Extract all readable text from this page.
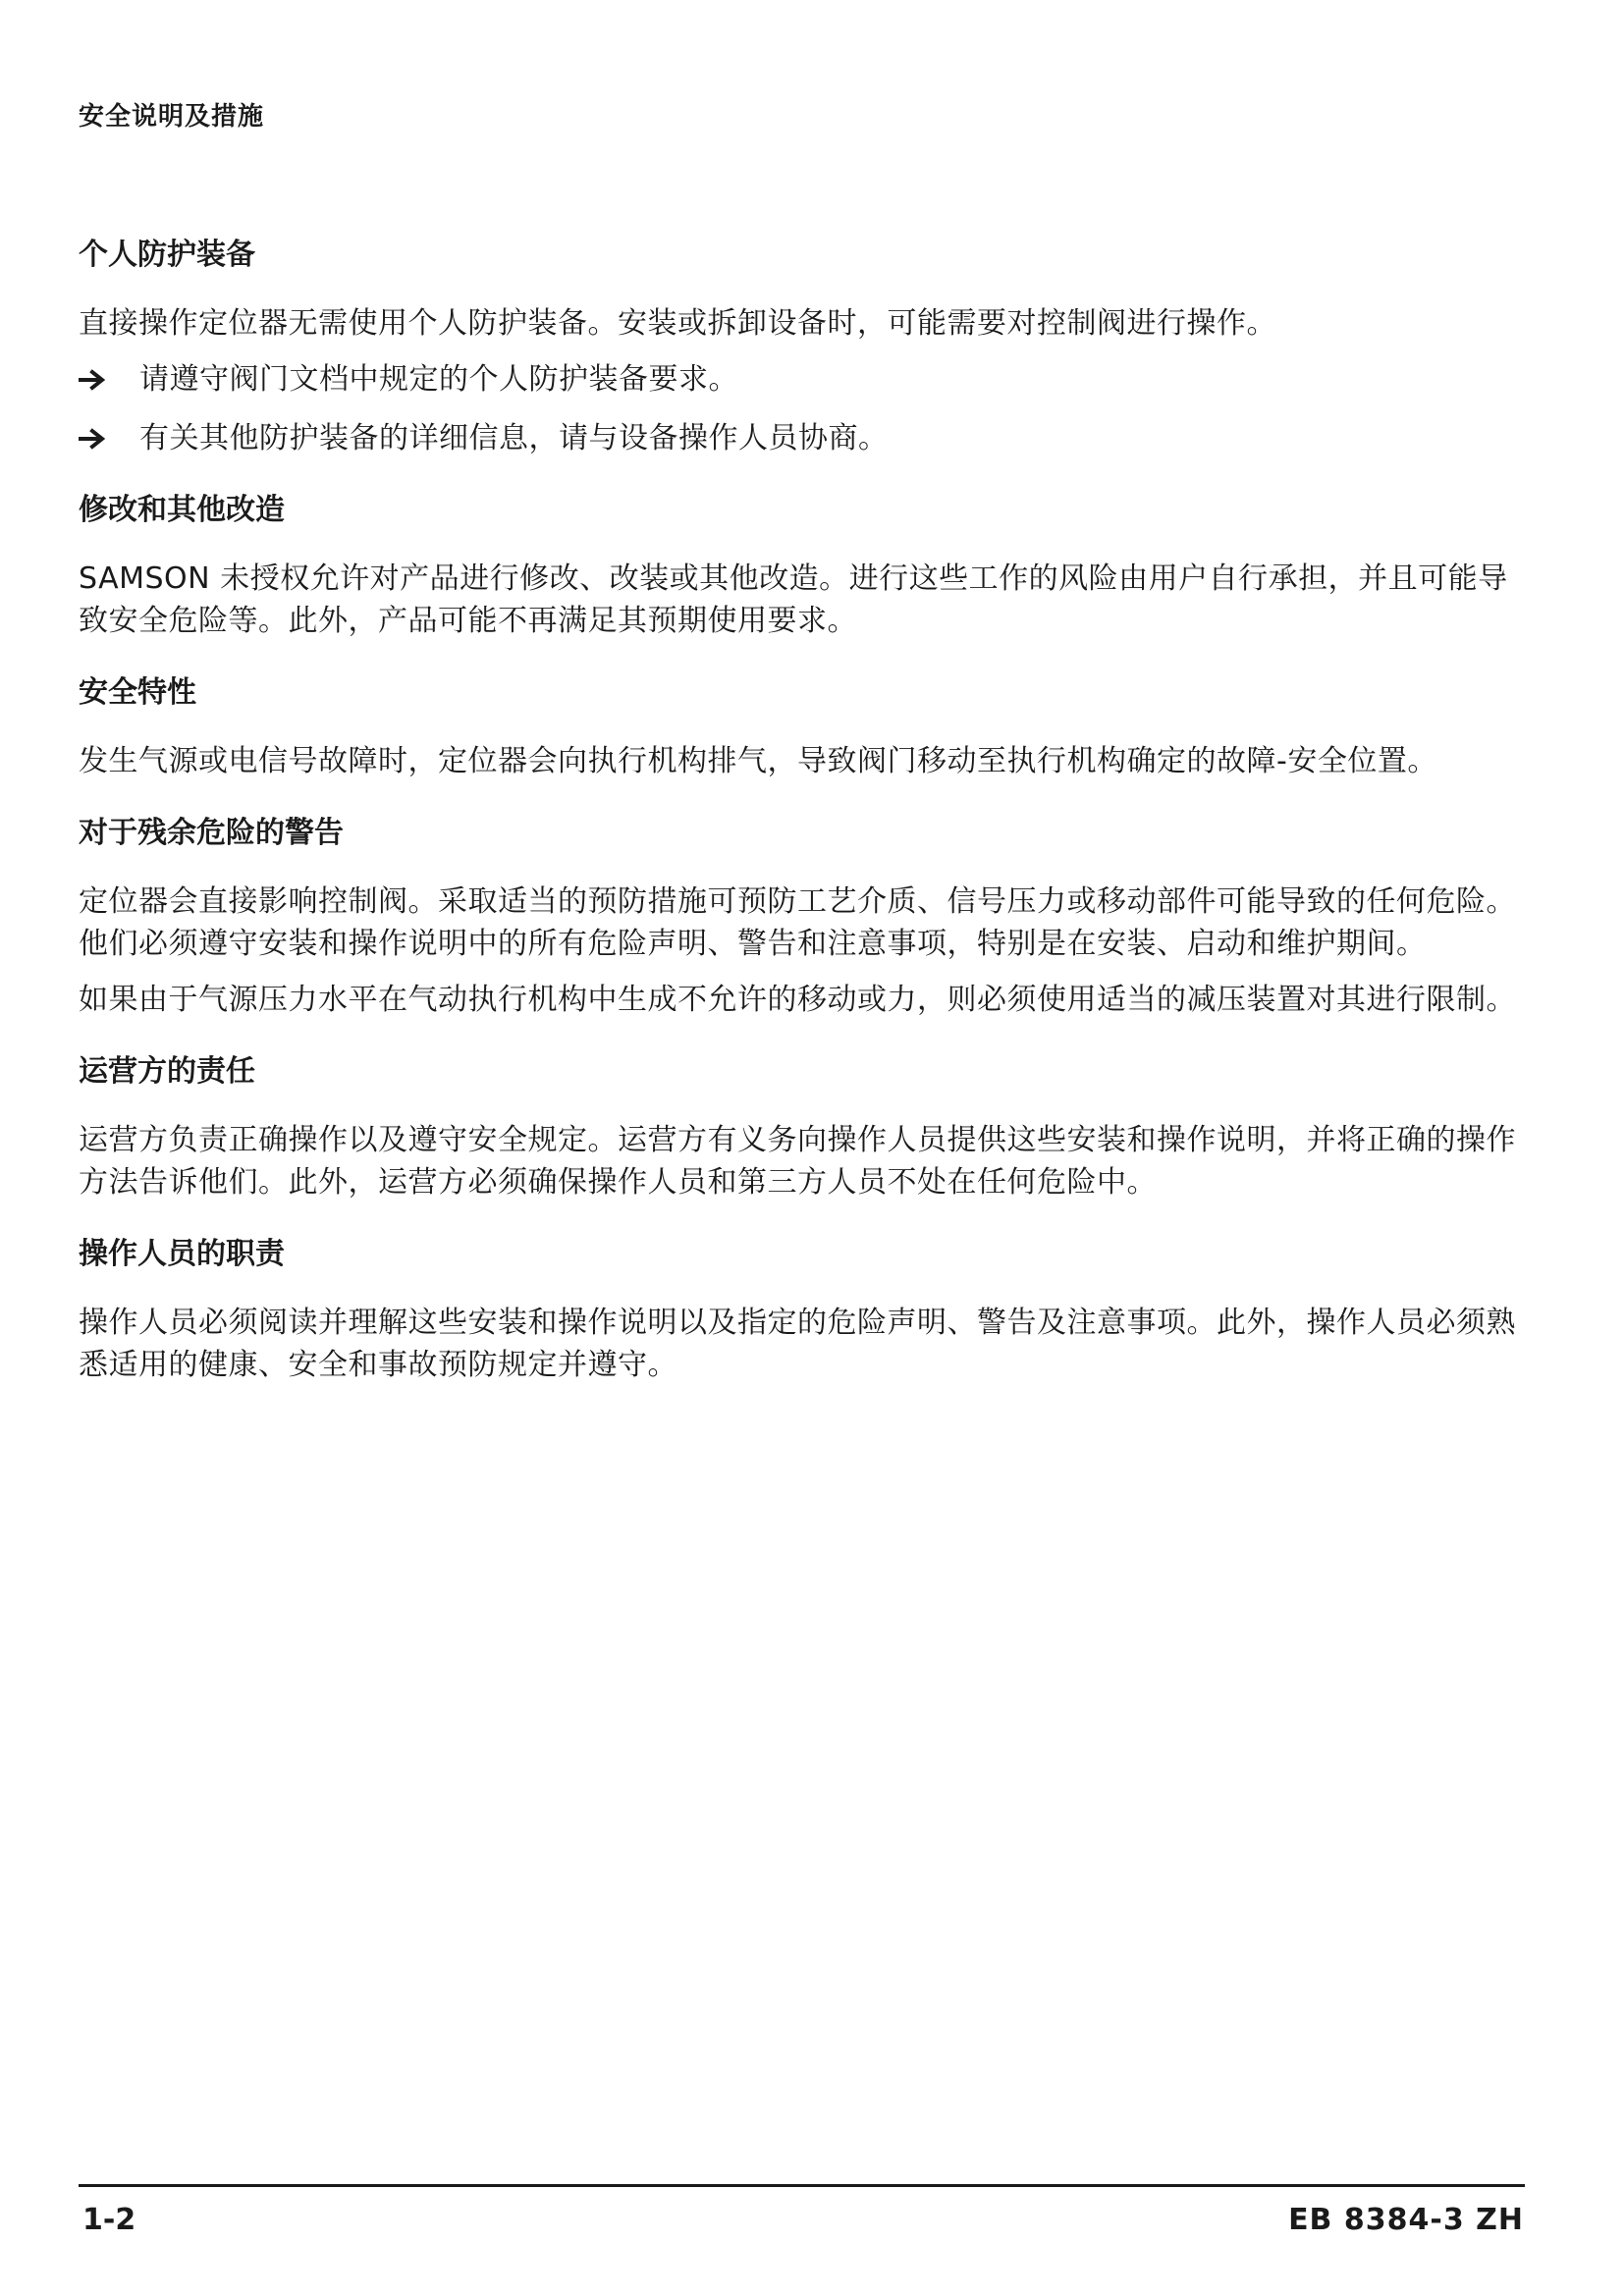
安全说明及措施
个人防护装备
直接操作定位器无需使用个人防护装备。安装或拆卸设备时，可能需要对控制阀进行操作。
请遵守阀门文档中规定的个人防护装备要求。
有关其他防护装备的详细信息，请与设备操作人员协商。
修改和其他改造
SAMSON 未授权允许对产品进行修改、改装或其他改造。进行这些工作的风险由用户自行承担，并且可能导致安全危险等。此外，产品可能不再满足其预期使用要求。
安全特性
发生气源或电信号故障时，定位器会向执行机构排气，导致阀门移动至执行机构确定的故障-安全位置。
对于残余危险的警告
定位器会直接影响控制阀。采取适当的预防措施可预防工艺介质、信号压力或移动部件可能导致的任何危险。他们必须遵守安装和操作说明中的所有危险声明、警告和注意事项，特别是在安装、启动和维护期间。
如果由于气源压力水平在气动执行机构中生成不允许的移动或力，则必须使用适当的减压装置对其进行限制。
运营方的责任
运营方负责正确操作以及遵守安全规定。运营方有义务向操作人员提供这些安装和操作说明，并将正确的操作方法告诉他们。此外，运营方必须确保操作人员和第三方人员不处在任何危险中。
操作人员的职责
操作人员必须阅读并理解这些安装和操作说明以及指定的危险声明、警告及注意事项。此外，操作人员必须熟悉适用的健康、安全和事故预防规定并遵守。
1-2	EB 8384-3 ZH
